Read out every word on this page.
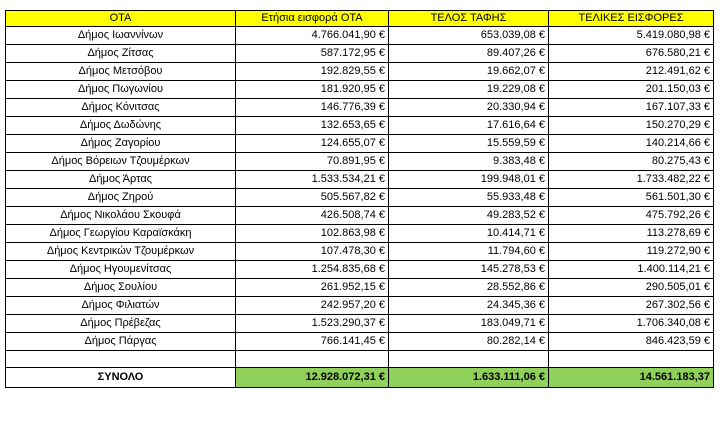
ΟΤΑ	Ετήσια εισφορά ΟΤΑ	ΤΕΛΟΣ ΤΑΦΗΣ	ΤΕΛΙΚΕΣ ΕΙΣΦΟΡΕΣ
Δήμος Ιωαννίνων	4.766.041,90 €	653.039,08 €	5.419.080,98 €
Δήμος Ζίτσας	587.172,95 €	89.407,26 €	676.580,21 €
Δήμος Μετσόβου	192.829,55 €	19.662,07 €	212.491,62 €
Δήμος Πωγωνίου	181.920,95 €	19.229,08 €	201.150,03 €
Δήμος Κόνιτσας	146.776,39 €	20.330,94 €	167.107,33 €
Δήμος Δωδώνης	132.653,65 €	17.616,64 €	150.270,29 €
Δήμος Ζαγορίου	124.655,07 €	15.559,59 €	140.214,66 €
Δήμος Βόρειων Τζουμέρκων	70.891,95 €	9.383,48 €	80.275,43 €
Δήμος Άρτας	1.533.534,21 €	199.948,01 €	1.733.482,22 €
Δήμος Ζηρού	505.567,82 €	55.933,48 €	561.501,30 €
Δήμος Νικολάου Σκουφά	426.508,74 €	49.283,52 €	475.792,26 €
Δήμος Γεωργίου Καραϊσκάκη	102.863,98 €	10.414,71 €	113.278,69 €
Δήμος Κεντρικών Τζουμέρκων	107.478,30 €	11.794,60 €	119.272,90 €
Δήμος Ηγουμενίτσας	1.254.835,68 €	145.278,53 €	1.400.114,21 €
Δήμος Σουλίου	261.952,15 €	28.552,86 €	290.505,01 €
Δήμος Φιλιατών	242.957,20 €	24.345,36 €	267.302,56 €
Δήμος Πρέβεζας	1.523.290,37 €	183.049,71 €	1.706.340,08 €
Δήμος Πάργας	766.141,45 €	80.282,14 €	846.423,59 €

ΣΥΝΟΛΟ	12.928.072,31 €	1.633.111,06 €	14.561.183,37
